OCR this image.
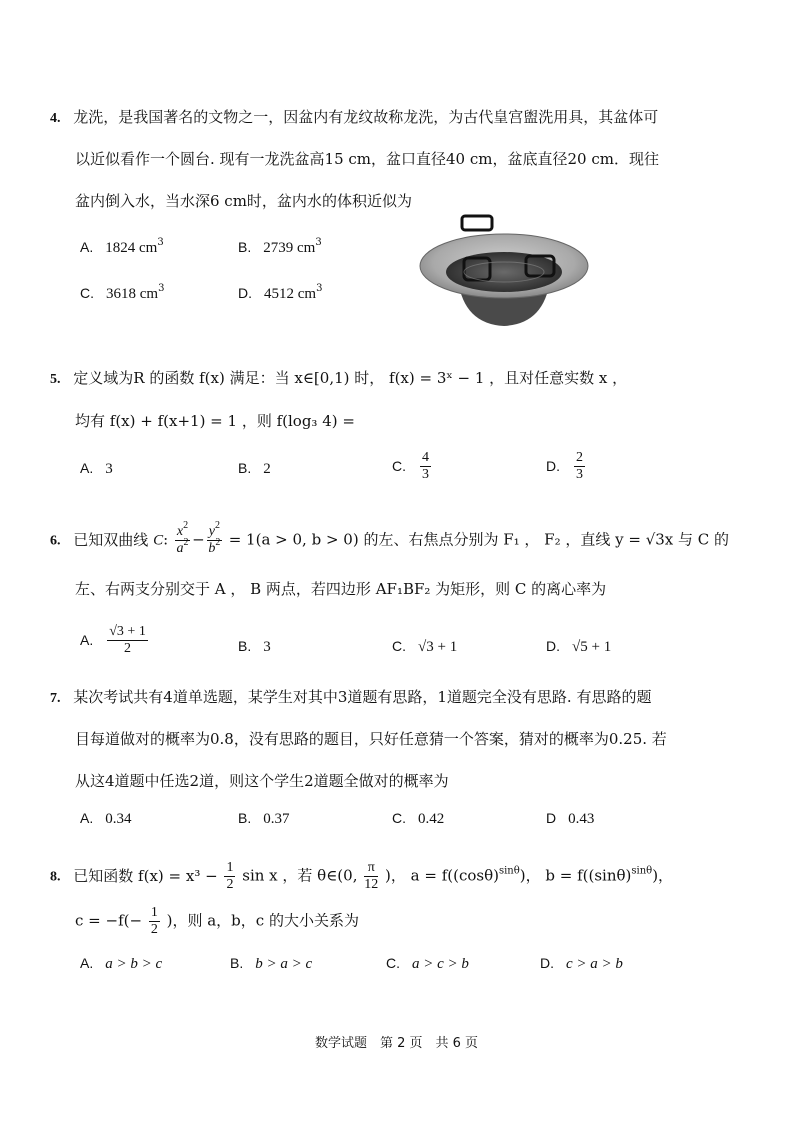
4. 龙洗，是我国著名的文物之一，因盆内有龙纹故称龙洗，为古代皇宫盥洗用具，其盆体可
以近似看作一个圆台. 现有一龙洗盆高15 cm，盆口直径40 cm，盆底直径20 cm．现往
盆内倒入水，当水深6 cm时，盆内水的体积近似为
A. 1824 $cm^3$	B. 2739 $cm^3$
C. 3618 $cm^3$	D. 4512 $cm^3$
5. 定义域为R 的函数 f(x) 满足：当 x∈[0,1) 时， f(x) = 3ˣ − 1 ，且对任意实数 x ，
均有 f(x) + f(x+1) = 1 ，则 f(log₃ 4) =
A. 3	B. 2	C. $\frac{4}{3}$	D. $\frac{2}{3}$
6. 已知双曲线 C: $\frac{x^2}{a^2} - \frac{y^2}{b^2} = 1(a > 0$, b > 0) 的左、右焦点分别为 F₁ ， F₂ ，直线 y = √3x 与 C 的
左、右两支分别交于 A ， B 两点，若四边形 AF₁BF₂ 为矩形，则 C 的离心率为
A. $\frac{√3 + 1}{2}$	B. 3	C. √3 + 1	D. √5 + 1
7. 某次考试共有4道单选题，某学生对其中3道题有思路，1道题完全没有思路. 有思路的题
目每道做对的概率为0.8，没有思路的题目，只好任意猜一个答案，猜对的概率为0.25. 若
从这4道题中任选2道，则这个学生2道题全做对的概率为
A. 0.34	B. 0.37	C. 0.42	D 0.43
8. 已知函数 $f(x) = x^3 - \frac{1}{2}$ sin x ，若 θ∈(0, $\frac{\pi}{12}$ )， $a = f((\cos\theta)^{sin\theta})$， $b = f((\sin\theta)^{sin\theta})$，
$c = -f(- \frac{1}{2}$ )，则 a，b，c 的大小关系为
A. a > b > c	B. b > a > c	C. a > c > b	D. c > a > b
数学试题　第 2 页　共 6 页
